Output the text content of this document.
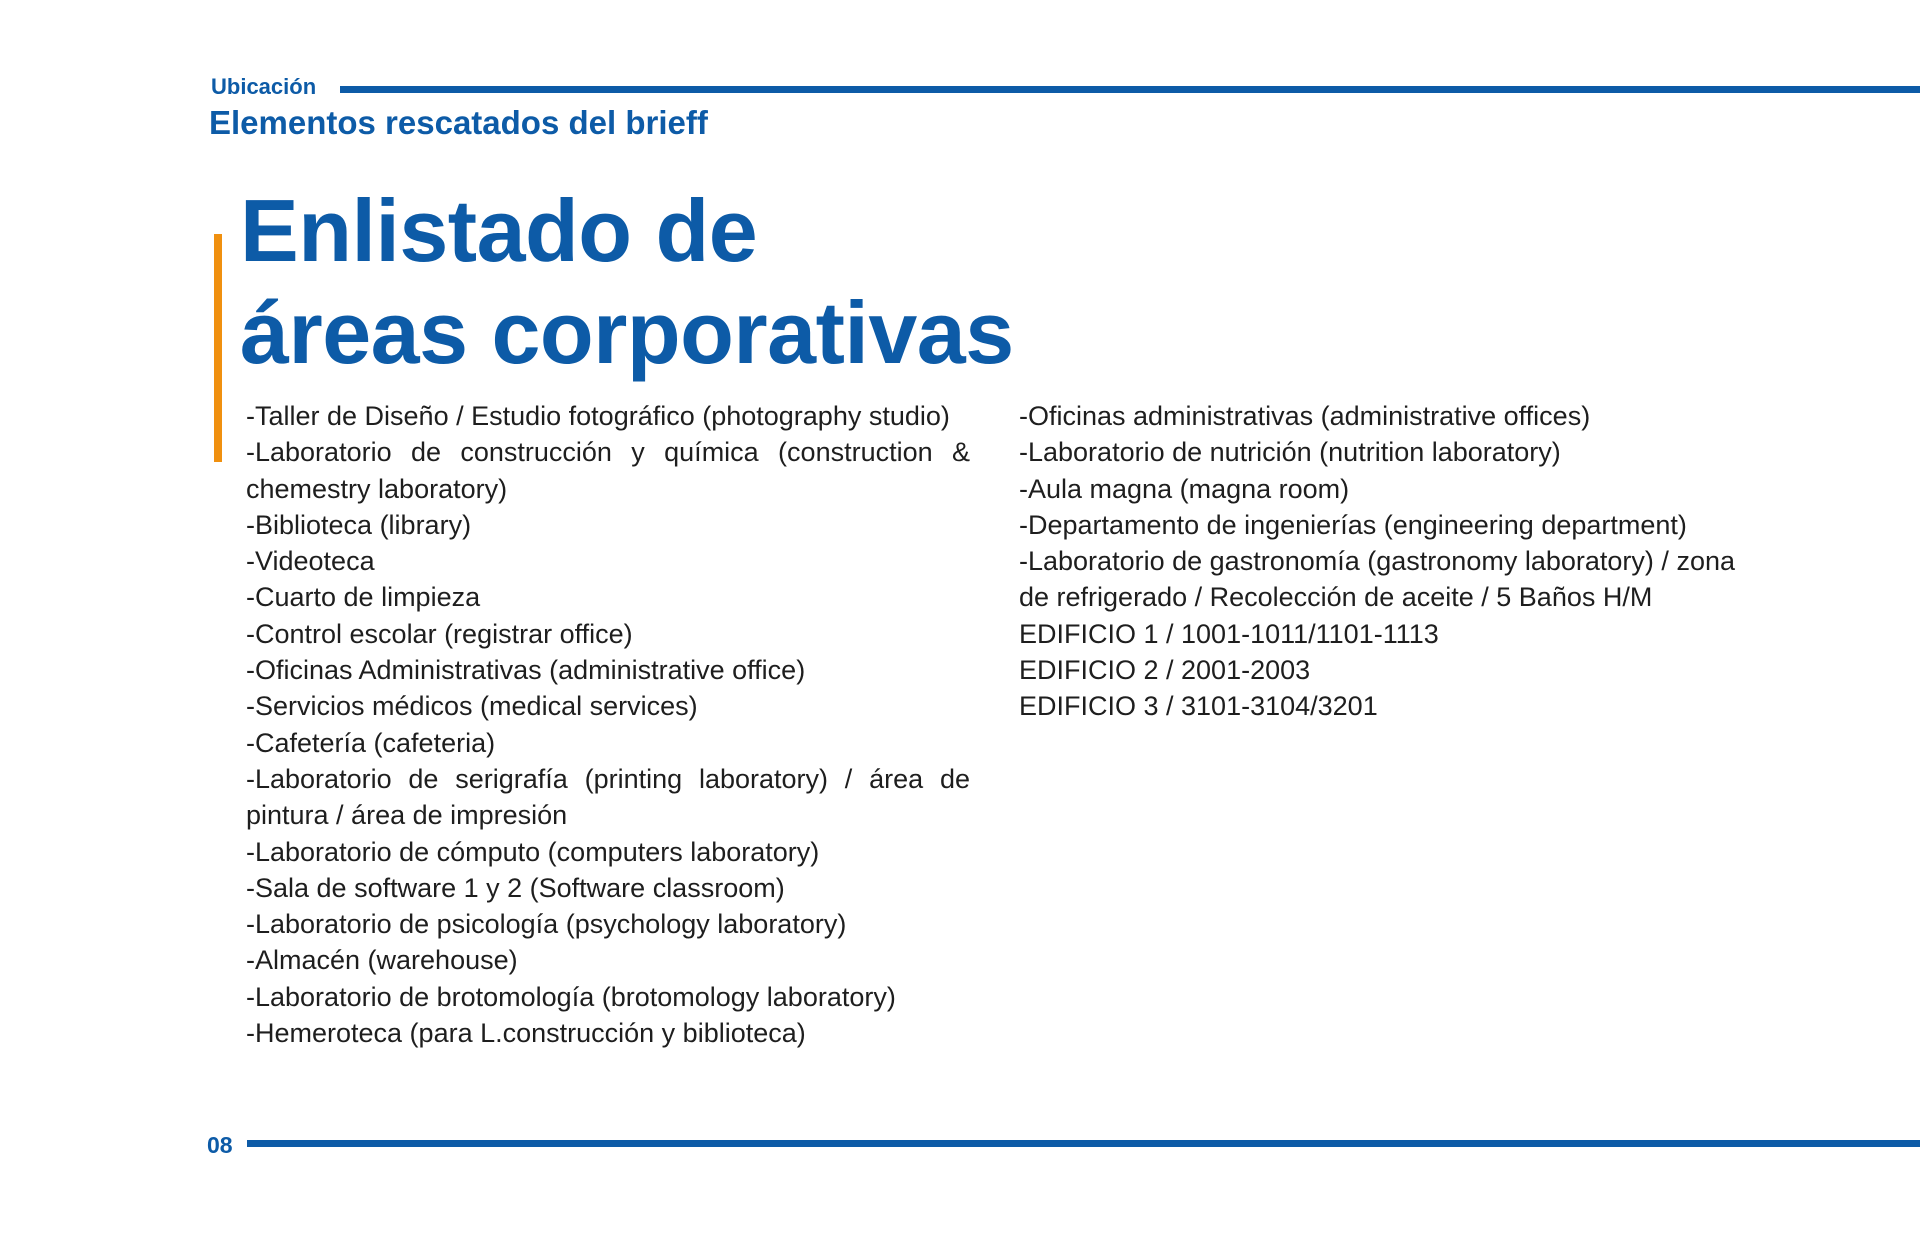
Ubicación
Elementos rescatados del brieff
Enlistado de
áreas corporativas
-Taller de Diseño / Estudio fotográfico (photography studio)
-Laboratorio de construcción y química (construction & chemestry laboratory)
-Biblioteca (library)
-Videoteca
-Cuarto de limpieza
-Control escolar (registrar office)
-Oficinas Administrativas (administrative office)
-Servicios médicos (medical services)
-Cafetería (cafeteria)
-Laboratorio de serigrafía (printing laboratory) / área de pintura / área de impresión
-Laboratorio de cómputo (computers laboratory)
-Sala de software 1 y 2 (Software classroom)
-Laboratorio de psicología (psychology laboratory)
-Almacén (warehouse)
-Laboratorio de brotomología (brotomology laboratory)
-Hemeroteca (para L.construcción y biblioteca)
-Oficinas administrativas (administrative offices)
-Laboratorio de nutrición (nutrition laboratory)
-Aula magna (magna room)
-Departamento de ingenierías (engineering department)
-Laboratorio de gastronomía (gastronomy laboratory) / zona de refrigerado / Recolección de aceite / 5 Baños H/M
EDIFICIO 1 / 1001-1011/1101-1113
EDIFICIO 2 / 2001-2003
EDIFICIO 3 / 3101-3104/3201
08
